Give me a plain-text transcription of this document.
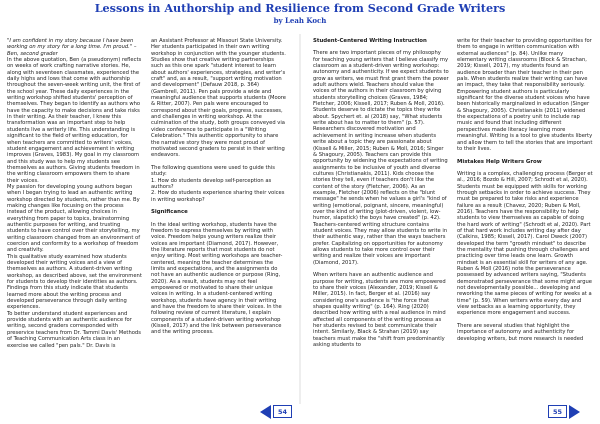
Lessons in Authorship and Resilience from Second Grade Writers
by Leah Koch

"I am confident in my story because I have been working on my story for a long time. I'm proud." – Ben, second grader

In the above quotation, Ben (a pseudonym) reflects on weeks of work crafting narrative stories. He, along with seventeen classmates, experienced the daily highs and lows that come with authorship throughout the seven-week writing unit, the first of the school year. These daily experiences in the writing workshop shifted students' perception of themselves. They began to identify as authors who have the capacity to make decisions and take risks in their writing. As their teacher, I knew this transformation was an important step to help students live a writerly life. This understanding is significant to the field of writing education, for when teachers are committed to writers' voices, student engagement and achievement in writing improves (Graves, 1983). My goal in my classroom and this study was to help my students see themselves as authors. Giving students freedom in the writing classroom empowers them to share their voices.

My passion for developing young authors began when I began trying to lead an authentic writing workshop directed by students, rather than me. By making changes like focusing on the process instead of the product, allowing choices in everything from paper to topics, brainstorming authentic purposes for writing, and trusting students to have control over their storytelling, my writing classroom changed from an environment of coercion and conformity to a workshop of freedom and creativity.

This qualitative study examined how students developed their writing voices and a view of themselves as authors. A student-driven writing workshop, as described above, set the environment for students to develop their identities as authors. Findings from this study indicate that students learned more about the writing process and developed perseverance through daily writing experiences.

To better understand student experiences and provide students with an authentic audience for writing, second graders corresponded with preservice teachers from Dr. Tammi Davis' Methods of Teaching Communication Arts class in an exercise we called "pen pals." Dr. Davis is

an Assistant Professor at Missouri State University. Her students participated in their own writing workshop in conjunction with the younger students. Studies show that creative writing partnerships such as this one spark "student interest to learn about authors' experiences, strategies, and writer's craft" and, as a result, "support writing motivation and development" (Defauw 2018, p. 364) (Gambrell, 2011). Pen pals provide a wide and meaningful audience that supports students (Moore & Ritter, 2007). Pen pals were encouraged to correspond about their goals, progress, successes, and challenges in writing workshop. At the culmination of the study, both groups conveyed via video conference to participate in a "Writing Celebration." This authentic opportunity to share the narrative story they were most proud of motivated second graders to persist in their writing endeavors.

The following questions were used to guide this study:

1. How do students develop self-perception as authors?

2. How do students experience sharing their voices in writing workshop?

Significance

In the ideal writing workshop, students have the freedom to express themselves by writing with voice. Freedom helps young writers realize their voices are important (Diamond, 2017). However, the literature reports that most students do not enjoy writing. Most writing workshops are teacher-centered, meaning the teacher determines the limits and expectations, and the assignments do not have an authentic audience or purpose (Ring, 2020). As a result, students may not feel empowered or motivated to share their unique voices in writing. In a student-centered writing workshop, students have agency in their writing and have the freedom to share their voices. In the following review of current literature, I explain components of a student-driven writing workshop (Kissell, 2017) and the link between perseverance and the writing process.

Student-Centered Writing Instruction

There are two important pieces of my philosophy for teaching young writers that I believe classify my classroom as a student-driven writing workshop: autonomy and authenticity. If we expect students to grow as writers, we must first grant them the power adult authors wield. Teachers should value the voices of the authors in their classroom by giving students storytelling choices (Graves, 1984; Fletcher, 2006; Kissell, 2017; Ruben & Moll, 2016). Students deserve to dictate the topics they write about. Spychert et. al (2018) say, "What students write about has to matter to them" (p. 57). Researchers discovered motivation and achievement in writing increase when students write about a topic they are passionate about (Kissell & Miller, 2015; Ruben & Moll, 2016; Singer & Shagoury, 2005). Teachers can provide this opportunity by widening the expectations of writing assignments to be inclusive of youth and diverse cultures (Christianakis, 2011). Kids choose the stories they tell, even if teachers don't like the content of the story (Fletcher, 2006). As an example, Fletcher (2006) reflects on the "blunt message" he sends when he values a girl's "kind of writing (emotional, poignant, sincere, meaningful) over the kind of writing (plot-driven, violent, low-humor, slapstick) the boys have created" (p. 42). Teachers-centered writing structure contains student voices. They may allow students to write in their authentic way, rather than the ways teachers prefer. Capitalizing on opportunities for autonomy allows students to take more control over their writing and realize their voices are important (Diamond, 2017).

When writers have an authentic audience and purpose for writing, students are more empowered to share their voices (Alexander, 2019; Kissell & Miller, 2015). In fact, Berger et al. (2016) say considering one's audience is "the force that shapes quality writing" (p. 164). Ring (2020) described how writing with a real audience in mind affected all components of the writing process as her students revised to best communicate their intent. Similarly, Black & Strahan (2019) say teachers must make the "shift from predominantly asking students to

write for their teacher to providing opportunities for them to engage in written communication with external audiences" (p. 84). Unlike many elementary writing classrooms (Block & Strachan, 2019; Kissell, 2017), my students found an audience broader than their teacher in their pen pals. When students realize their writing can have an impact, they take that responsibility seriously. Empowering student authors is particularly significant for the diverse student voices who have been historically marginalized in education (Singer & Shagoury, 2005). Christianakis (2011) widened the expectations of a poetry unit to include rap music and found that including different perspectives made literacy learning more meaningful. Writing is a tool to give students liberty and allow them to tell the stories that are important to their lives.

Mistakes Help Writers Grow

Writing is a complex, challenging process (Berger et al., 2016; Bozdo & Hill, 2007; Schrodt et al, 2020). Students must be equipped with skills for working through setbacks in order to achieve success. They must be prepared to take risks and experience failure as a result (Chavez, 2020; Ruben & Moll, 2016). Teachers have the responsibility to help students to view themselves as capable of doing the hard work of writing" (Schrodt et al, 2020). Part of that hard work includes writing day after day (Calkins, 1985; Kissell, 2017). Carol Dweck (2007) developed the term "growth mindset" to describe the mentality that pushing through challenges and practicing over time leads one learn. Growth mindset is an essential skill for writers of any age. Ruben & Moll (2016) note the perseverance possessed by advanced writers saying, "Students demonstrated perseverance that some might argue not developmentally possible... developing and reworking the same pieces of writing for weeks at a time" (p. 59). When writers write every day and view setbacks as a learning opportunity, they experience more engagement and success.

There are several studies that highlight the importance of autonomy and authenticity for developing writers, but more research is needed

54	55
